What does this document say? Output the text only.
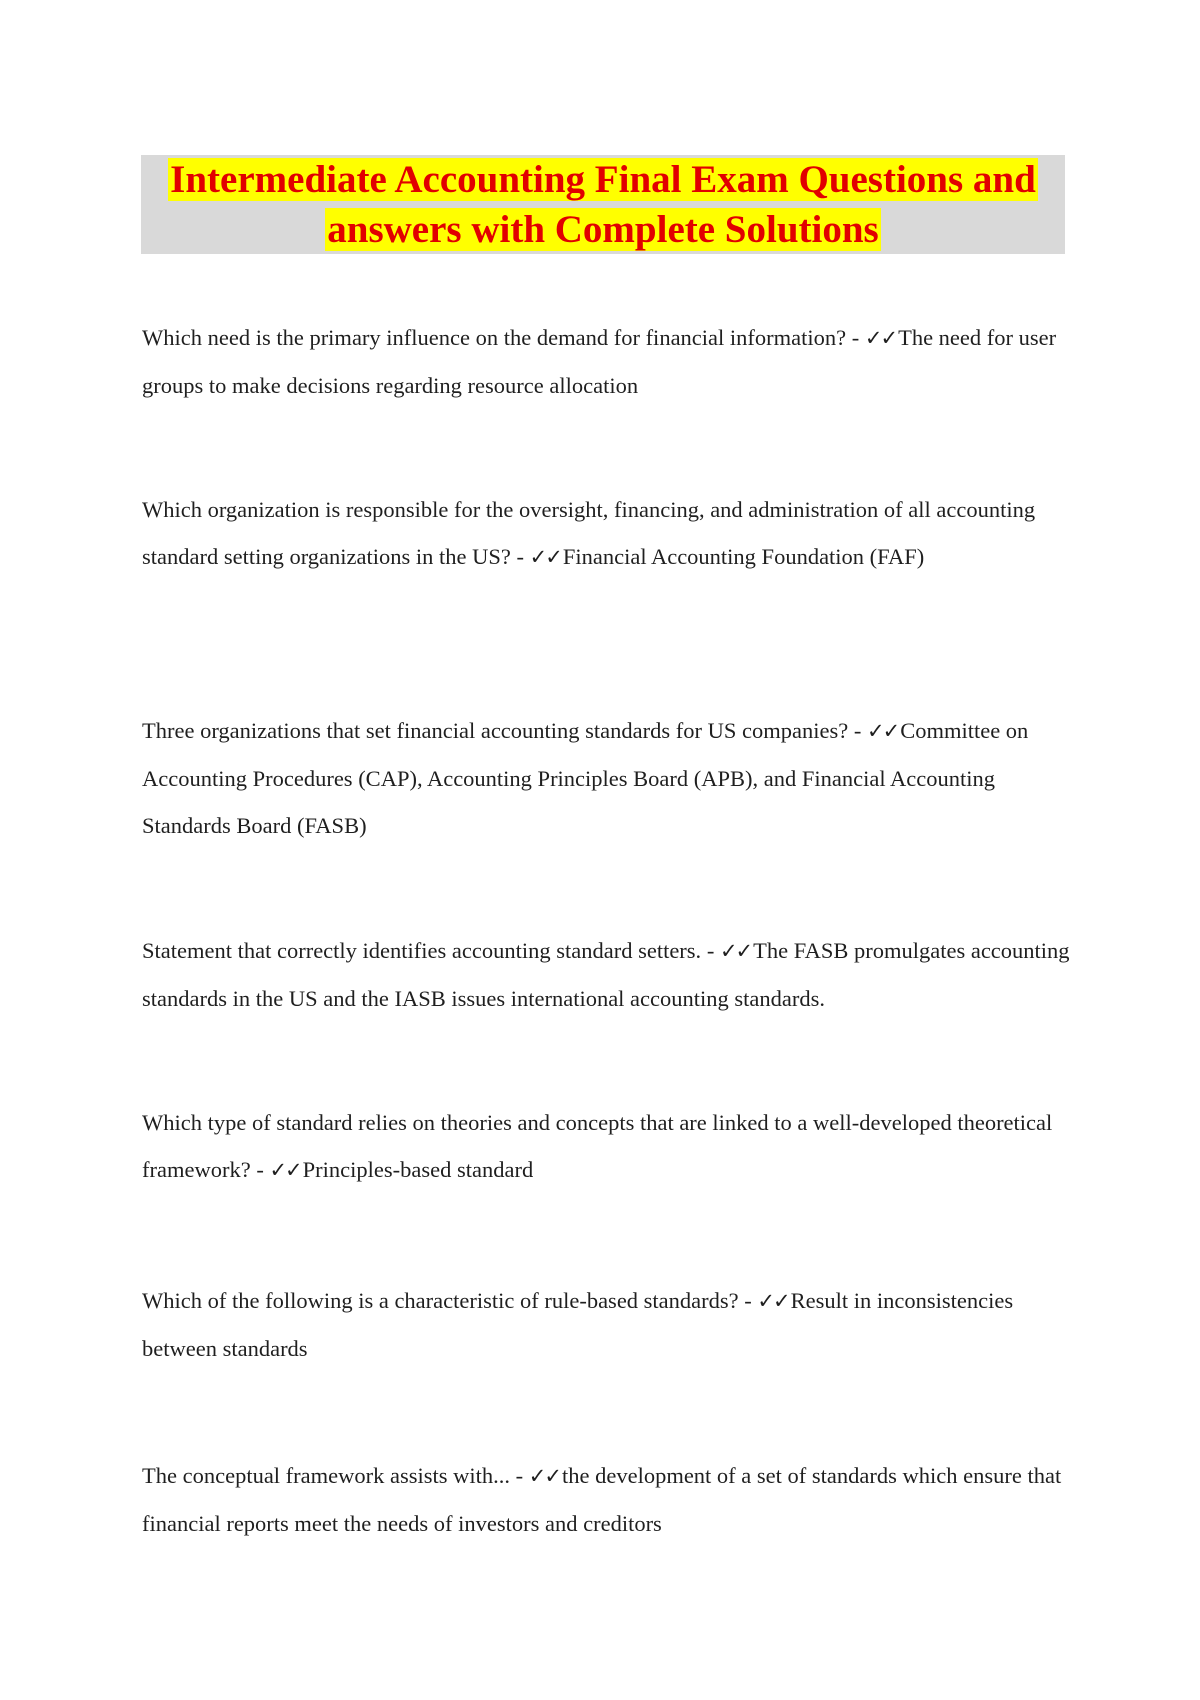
Intermediate Accounting Final Exam Questions and
answers with Complete Solutions

Which need is the primary influence on the demand for financial information? - ✓✓The need for user groups to make decisions regarding resource allocation

Which organization is responsible for the oversight, financing, and administration of all accounting standard setting organizations in the US? - ✓✓Financial Accounting Foundation (FAF)

Three organizations that set financial accounting standards for US companies? - ✓✓Committee on Accounting Procedures (CAP), Accounting Principles Board (APB), and Financial Accounting Standards Board (FASB)

Statement that correctly identifies accounting standard setters. - ✓✓The FASB promulgates accounting standards in the US and the IASB issues international accounting standards.

Which type of standard relies on theories and concepts that are linked to a well-developed theoretical framework? - ✓✓Principles-based standard

Which of the following is a characteristic of rule-based standards? - ✓✓Result in inconsistencies between standards

The conceptual framework assists with... - ✓✓the development of a set of standards which ensure that financial reports meet the needs of investors and creditors
